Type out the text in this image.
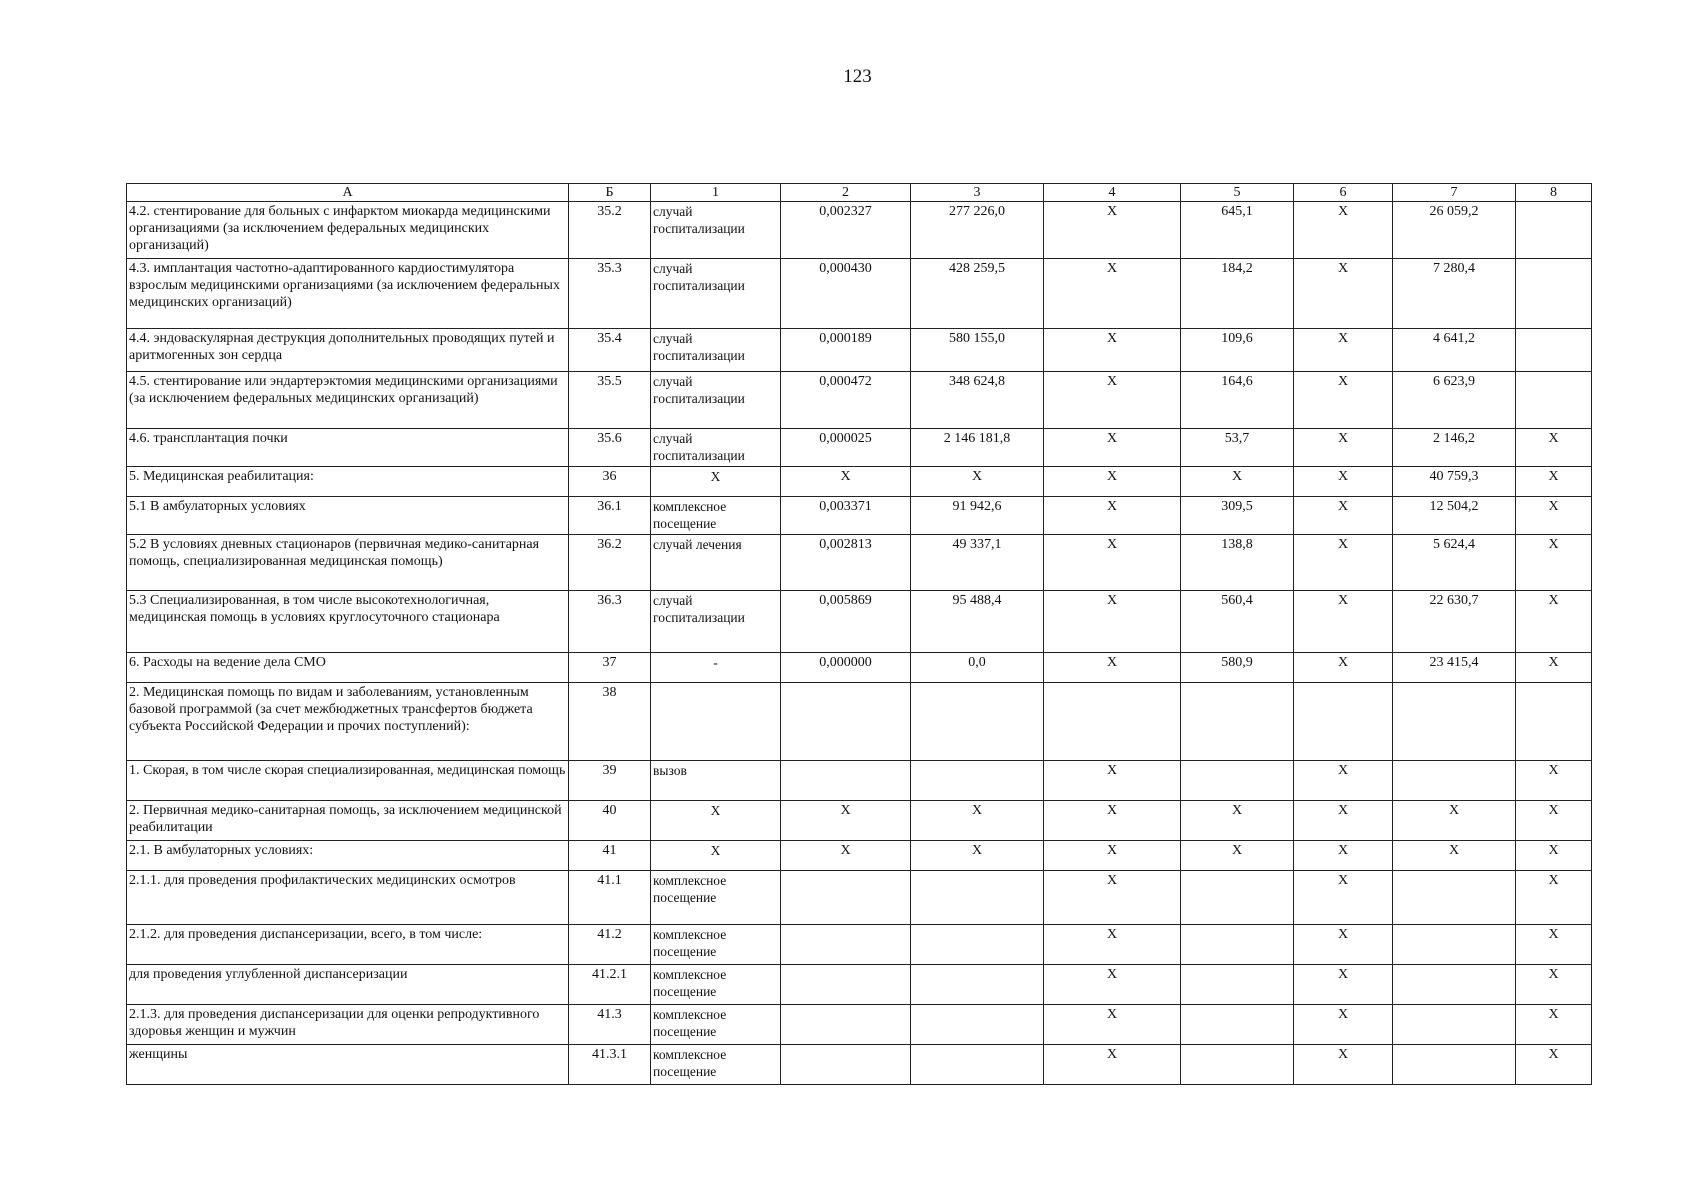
123
А	Б	1	2	3	4	5	6	7	8
4.2. стентирование для больных с инфарктом миокарда медицинскими организациями (за исключением федеральных медицинских организаций)	35.2	случай госпитализации	0,002327	277 226,0	X	645,1	X	26 059,2	
4.3. имплантация частотно-адаптированного кардиостимулятора взрослым медицинскими организациями (за исключением федеральных медицинских организаций)	35.3	случай госпитализации	0,000430	428 259,5	X	184,2	X	7 280,4	
4.4. эндоваскулярная деструкция дополнительных проводящих путей и аритмогенных зон сердца	35.4	случай госпитализации	0,000189	580 155,0	X	109,6	X	4 641,2	
4.5. стентирование или эндартерэктомия медицинскими организациями (за исключением федеральных медицинских организаций)	35.5	случай госпитализации	0,000472	348 624,8	X	164,6	X	6 623,9	
4.6. трансплантация почки	35.6	случай госпитализации	0,000025	2 146 181,8	X	53,7	X	2 146,2	X
5. Медицинская реабилитация:	36	X	X	X	X	X	X	40 759,3	X
5.1 В амбулаторных условиях	36.1	комплексное посещение	0,003371	91 942,6	X	309,5	X	12 504,2	X
5.2 В условиях дневных стационаров (первичная медико-санитарная помощь, специализированная медицинская помощь)	36.2	случай лечения	0,002813	49 337,1	X	138,8	X	5 624,4	X
5.3 Специализированная, в том числе высокотехнологичная, медицинская помощь в условиях круглосуточного стационара	36.3	случай госпитализации	0,005869	95 488,4	X	560,4	X	22 630,7	X
6. Расходы на ведение дела СМО	37	-	0,000000	0,0	X	580,9	X	23 415,4	X
2. Медицинская помощь по видам и заболеваниям, установленным базовой программой (за счет межбюджетных трансфертов бюджета субъекта Российской Федерации и прочих поступлений):	38								
1. Скорая, в том числе скорая специализированная, медицинская помощь	39	вызов			X		X		X
2. Первичная медико-санитарная помощь, за исключением медицинской реабилитации	40	X	X	X	X	X	X	X	X
2.1. В амбулаторных условиях:	41	X	X	X	X	X	X	X	X
2.1.1. для проведения профилактических медицинских осмотров	41.1	комплексное посещение			X		X		X
2.1.2. для проведения диспансеризации, всего, в том числе:	41.2	комплексное посещение			X		X		X
для проведения углубленной диспансеризации	41.2.1	комплексное посещение			X		X		X
2.1.3. для проведения диспансеризации для оценки репродуктивного здоровья женщин и мужчин	41.3	комплексное посещение			X		X		X
женщины	41.3.1	комплексное посещение			X		X		X
